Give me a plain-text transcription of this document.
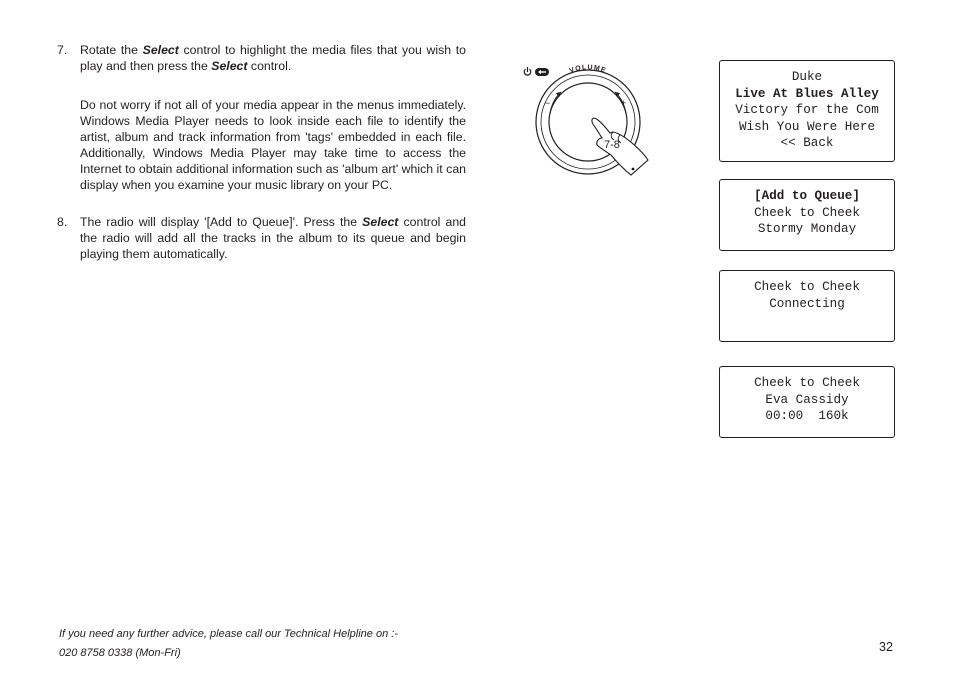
7. Rotate the Select control to highlight the media files that you wish to play and then press the Select control.

Do not worry if not all of your media appear in the menus immediately. Windows Media Player needs to look inside each file to identify the artist, album and track information from 'tags' embedded in each file. Additionally, Windows Media Player may take time to access the Internet to obtain additional information such as 'album art' which it can display when you examine your music library on your PC.

8. The radio will display '[Add to Queue]'. Press the Select control and the radio will add all the tracks in the album to its queue and begin playing them automatically.

VOLUME
−	+
7-8
Duke
Live At Blues Alley
Victory for the Com
Wish You Were Here
<< Back
[Add to Queue]
Cheek to Cheek
Stormy Monday
Cheek to Cheek
Connecting
Cheek to Cheek
Eva Cassidy
00:00  160k
If you need any further advice, please call our Technical Helpline on :-
020 8758 0338 (Mon-Fri)	32
